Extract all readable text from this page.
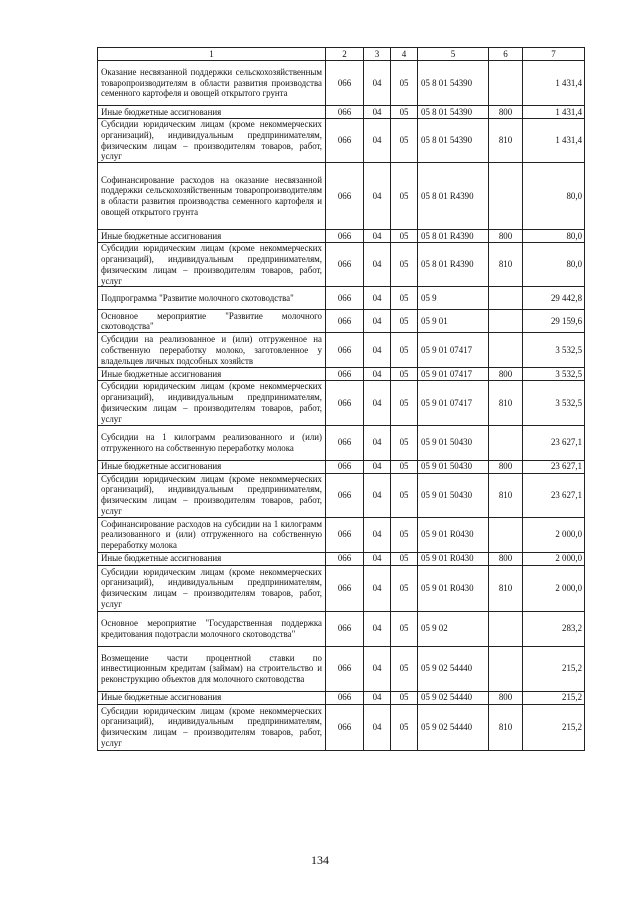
1	2	3	4	5	6	7
Оказание несвязанной поддержки сельскохозяйственным товаропроизводителям в области развития производства семенного картофеля и овощей открытого грунта	066	04	05	05 8 01 54390		1 431,4
Иные бюджетные ассигнования	066	04	05	05 8 01 54390	800	1 431,4
Субсидии юридическим лицам (кроме некоммерческих организаций), индивидуальным предпринимателям, физическим лицам – производителям товаров, работ, услуг	066	04	05	05 8 01 54390	810	1 431,4
Софинансирование расходов на оказание несвязанной поддержки сельскохозяйственным товаропроизводителям в области развития производства семенного картофеля и овощей открытого грунта	066	04	05	05 8 01 R4390		80,0
Иные бюджетные ассигнования	066	04	05	05 8 01 R4390	800	80,0
Субсидии юридическим лицам (кроме некоммерческих организаций), индивидуальным предпринимателям, физическим лицам – производителям товаров, работ, услуг	066	04	05	05 8 01 R4390	810	80,0
Подпрограмма "Развитие молочного скотоводства"	066	04	05	05 9		29 442,8
Основное мероприятие "Развитие молочного скотоводства"	066	04	05	05 9 01		29 159,6
Субсидии на реализованное и (или) отгруженное на собственную переработку молоко, заготовленное у владельцев личных подсобных хозяйств	066	04	05	05 9 01 07417		3 532,5
Иные бюджетные ассигнования	066	04	05	05 9 01 07417	800	3 532,5
Субсидии юридическим лицам (кроме некоммерческих организаций), индивидуальным предпринимателям, физическим лицам – производителям товаров, работ, услуг	066	04	05	05 9 01 07417	810	3 532,5
Субсидии на 1 килограмм реализованного и (или) отгруженного на собственную переработку молока	066	04	05	05 9 01 50430		23 627,1
Иные бюджетные ассигнования	066	04	05	05 9 01 50430	800	23 627,1
Субсидии юридическим лицам (кроме некоммерческих организаций), индивидуальным предпринимателям, физическим лицам – производителям товаров, работ, услуг	066	04	05	05 9 01 50430	810	23 627,1
Софинансирование расходов на субсидии на 1 килограмм реализованного и (или) отгруженного на собственную переработку молока	066	04	05	05 9 01 R0430		2 000,0
Иные бюджетные ассигнования	066	04	05	05 9 01 R0430	800	2 000,0
Субсидии юридическим лицам (кроме некоммерческих организаций), индивидуальным предпринимателям, физическим лицам – производителям товаров, работ, услуг	066	04	05	05 9 01 R0430	810	2 000,0
Основное мероприятие "Государственная поддержка кредитования подотрасли молочного скотоводства"	066	04	05	05 9 02		283,2
Возмещение части процентной ставки по инвестиционным кредитам (займам) на строительство и реконструкцию объектов для молочного скотоводства	066	04	05	05 9 02 54440		215,2
Иные бюджетные ассигнования	066	04	05	05 9 02 54440	800	215,2
Субсидии юридическим лицам (кроме некоммерческих организаций), индивидуальным предпринимателям, физическим лицам – производителям товаров, работ, услуг	066	04	05	05 9 02 54440	810	215,2
134
